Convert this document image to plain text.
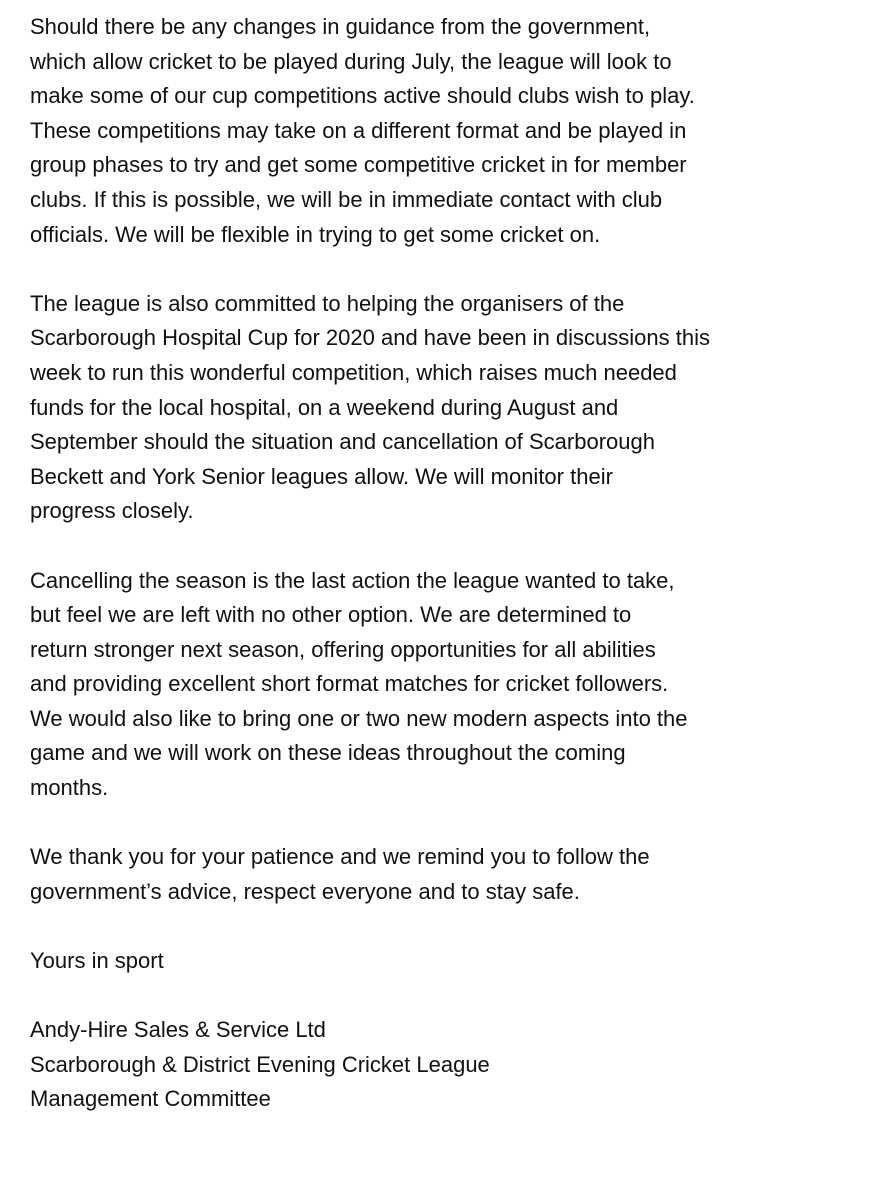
Should there be any changes in guidance from the government,
which allow cricket to be played during July, the league will look to
make some of our cup competitions active should clubs wish to play.
These competitions may take on a different format and be played in
group phases to try and get some competitive cricket in for member
clubs. If this is possible, we will be in immediate contact with club
officials. We will be flexible in trying to get some cricket on.
The league is also committed to helping the organisers of the
Scarborough Hospital Cup for 2020 and have been in discussions this
week to run this wonderful competition, which raises much needed
funds for the local hospital, on a weekend during August and
September should the situation and cancellation of Scarborough
Beckett and York Senior leagues allow. We will monitor their
progress closely.
Cancelling the season is the last action the league wanted to take,
but feel we are left with no other option. We are determined to
return stronger next season, offering opportunities for all abilities
and providing excellent short format matches for cricket followers.
We would also like to bring one or two new modern aspects into the
game and we will work on these ideas throughout the coming
months.
We thank you for your patience and we remind you to follow the
government’s advice, respect everyone and to stay safe.
Yours in sport
Andy-Hire Sales & Service Ltd
Scarborough & District Evening Cricket League
Management Committee
